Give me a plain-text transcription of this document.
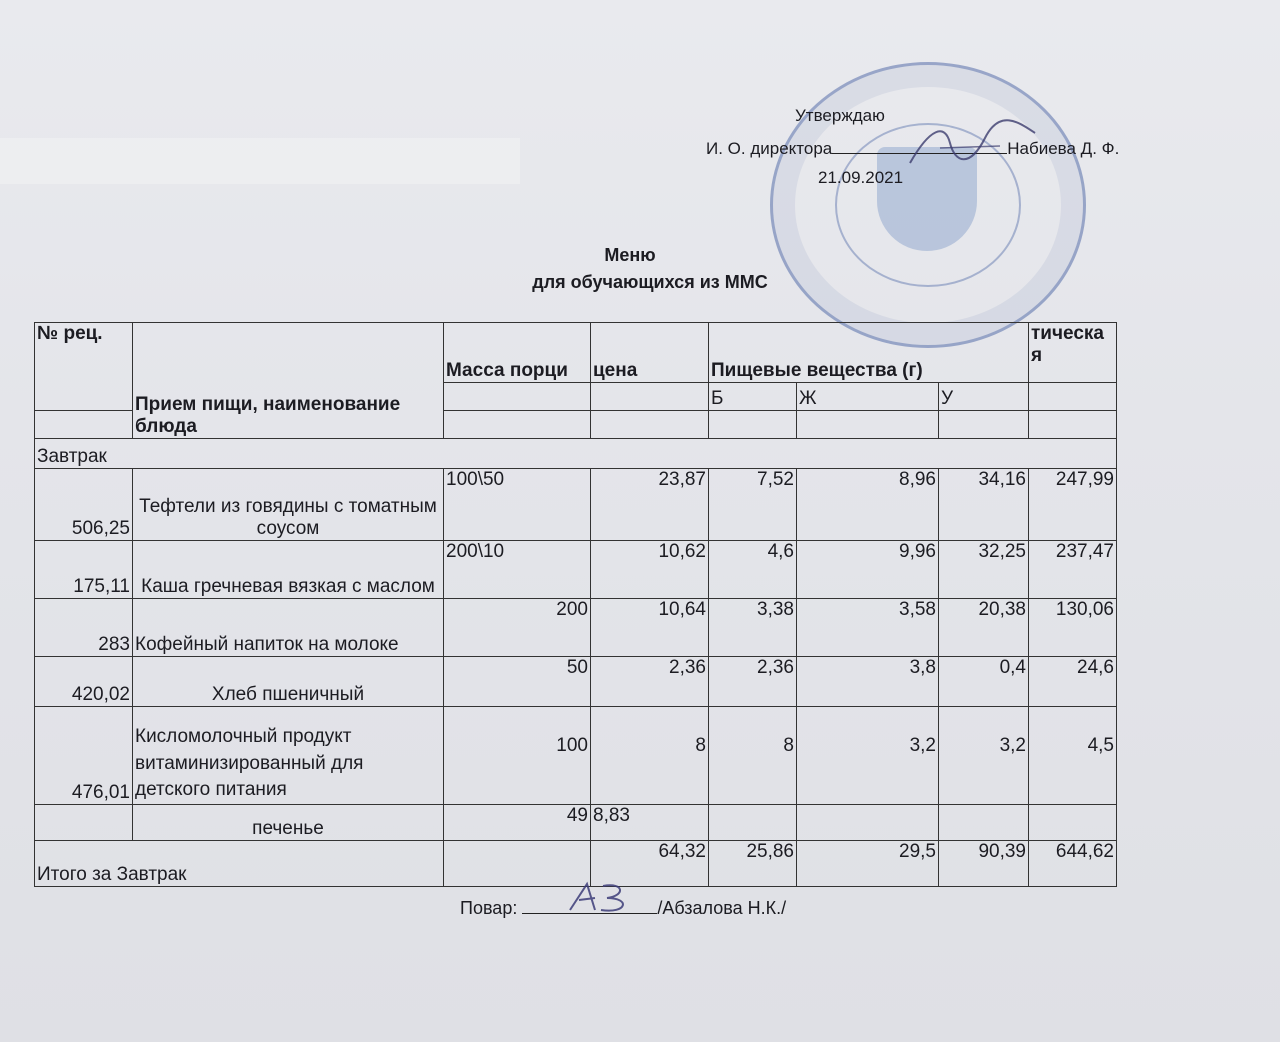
Утверждаю
И. О. директора	Набиева Д. Ф.
21.09.2021
Меню
для обучающихся из ММС
№ рец.	Прием пищи, наименование блюда	Масса порци	цена	Пищевые вещества (г)			тическа я
				Б	Ж	У	

Завтрак							
506,25	Тефтели из говядины с томатным соусом	100\50	23,87	7,52	8,96	34,16	247,99
175,11	Каша гречневая вязкая с маслом	200\10	10,62	4,6	9,96	32,25	237,47
283	Кофейный напиток на молоке	200	10,64	3,38	3,58	20,38	130,06
420,02	Хлеб пшеничный	50	2,36	2,36	3,8	0,4	24,6
476,01	Кисломолочный продукт витаминизированный для детского питания	100	8	8	3,2	3,2	4,5
	печенье	49	8,83				
Итого за Завтрак			64,32	25,86	29,5	90,39	644,62
Повар:	/Абзалова Н.К./
